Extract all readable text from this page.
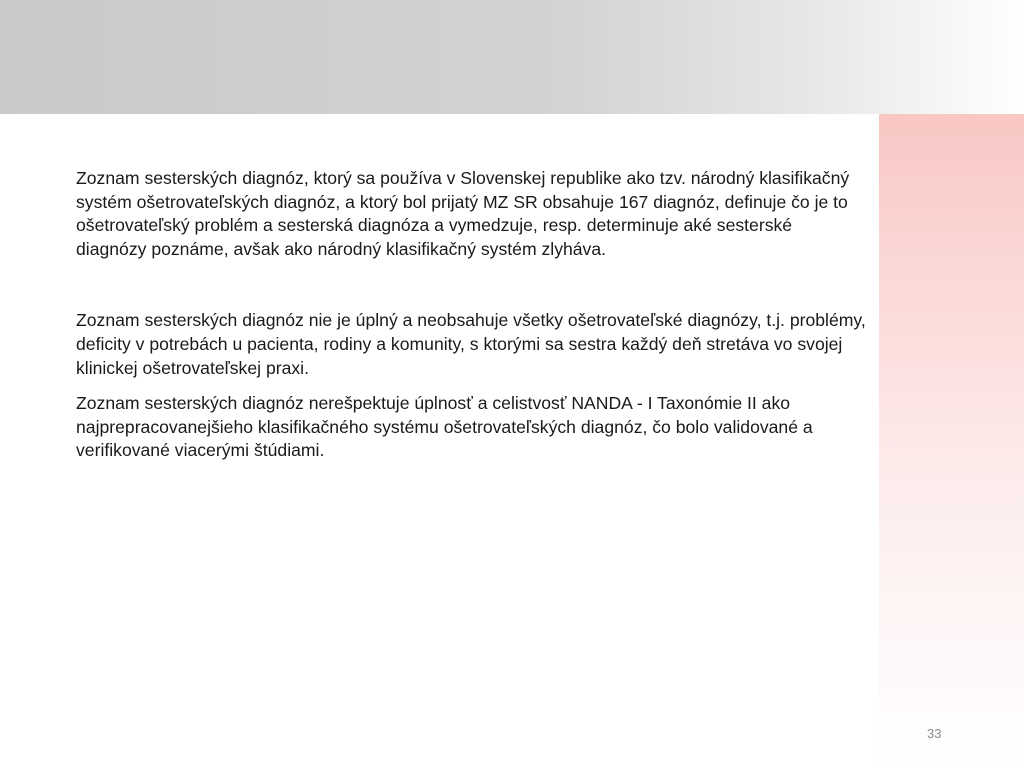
Zoznam sesterských diagnóz, ktorý sa používa v Slovenskej republike ako tzv. národný klasifikačný systém ošetrovateľských diagnóz, a ktorý bol prijatý MZ SR obsahuje 167 diagnóz, definuje čo je to ošetrovateľský problém a sesterská diagnóza a vymedzuje, resp. determinuje aké sesterské diagnózy poznáme, avšak ako národný klasifikačný systém zlyháva.

Zoznam sesterských diagnóz nie je úplný a neobsahuje všetky ošetrovateľské diagnózy, t.j. problémy, deficity v potrebách u pacienta, rodiny a komunity, s ktorými sa sestra každý deň stretáva vo svojej klinickej ošetrovateľskej praxi.

Zoznam sesterských diagnóz nerešpektuje úplnosť a celistvosť NANDA - I Taxonómie II ako najprepracovanejšieho klasifikačného systému ošetrovateľských diagnóz, čo bolo validované a verifikované viacerými štúdiami.

33
